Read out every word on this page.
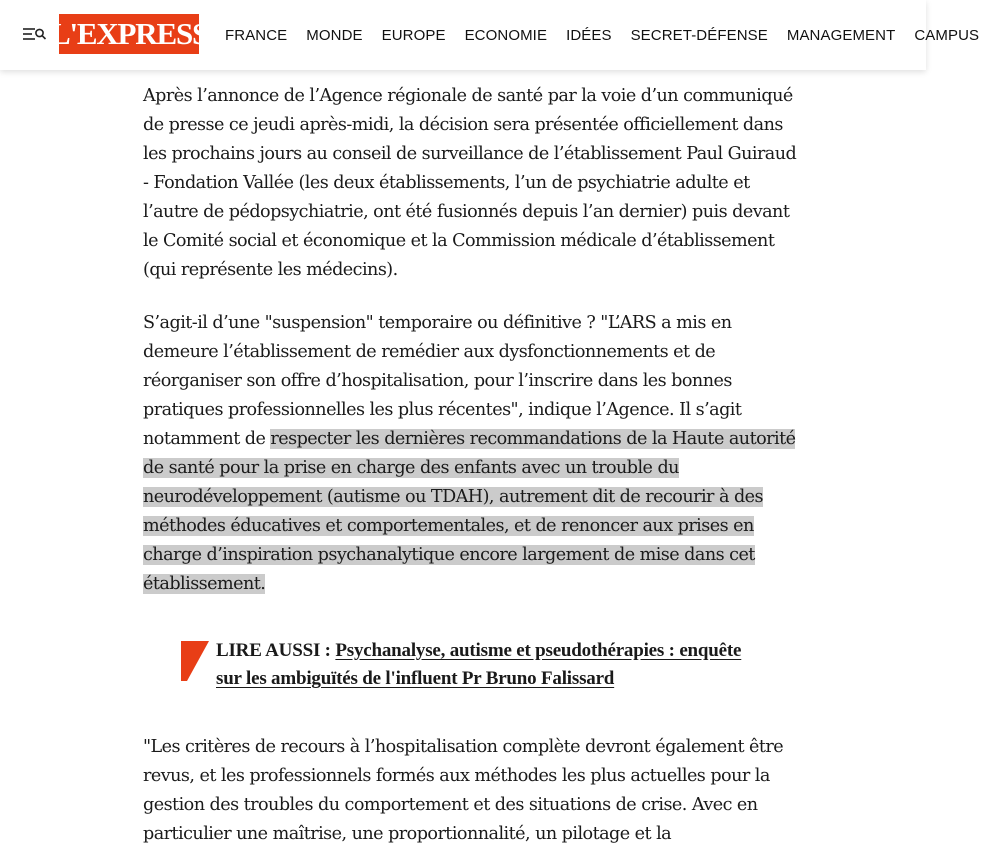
L'EXPRESS FRANCE MONDE EUROPE ECONOMIE IDÉES SECRET-DÉFENSE MANAGEMENT CAMPUS

Après l’annonce de l’Agence régionale de santé par la voie d’un communiqué de presse ce jeudi après-midi, la décision sera présentée officiellement dans les prochains jours au conseil de surveillance de l’établissement Paul Guiraud - Fondation Vallée (les deux établissements, l’un de psychiatrie adulte et l’autre de pédopsychiatrie, ont été fusionnés depuis l’an dernier) puis devant le Comité social et économique et la Commission médicale d’établissement (qui représente les médecins).

S’agit-il d’une "suspension" temporaire ou définitive ? "L’ARS a mis en demeure l’établissement de remédier aux dysfonctionnements et de réorganiser son offre d’hospitalisation, pour l’inscrire dans les bonnes pratiques professionnelles les plus récentes", indique l’Agence. Il s’agit notamment de respecter les dernières recommandations de la Haute autorité de santé pour la prise en charge des enfants avec un trouble du neurodéveloppement (autisme ou TDAH), autrement dit de recourir à des méthodes éducatives et comportementales, et de renoncer aux prises en charge d’inspiration psychanalytique encore largement de mise dans cet établissement.

LIRE AUSSI : Psychanalyse, autisme et pseudothérapies : enquête sur les ambiguïtés de l'influent Pr Bruno Falissard

"Les critères de recours à l’hospitalisation complète devront également être revus, et les professionnels formés aux méthodes les plus actuelles pour la gestion des troubles du comportement et des situations de crise. Avec en particulier une maîtrise, une proportionnalité, un pilotage et la
